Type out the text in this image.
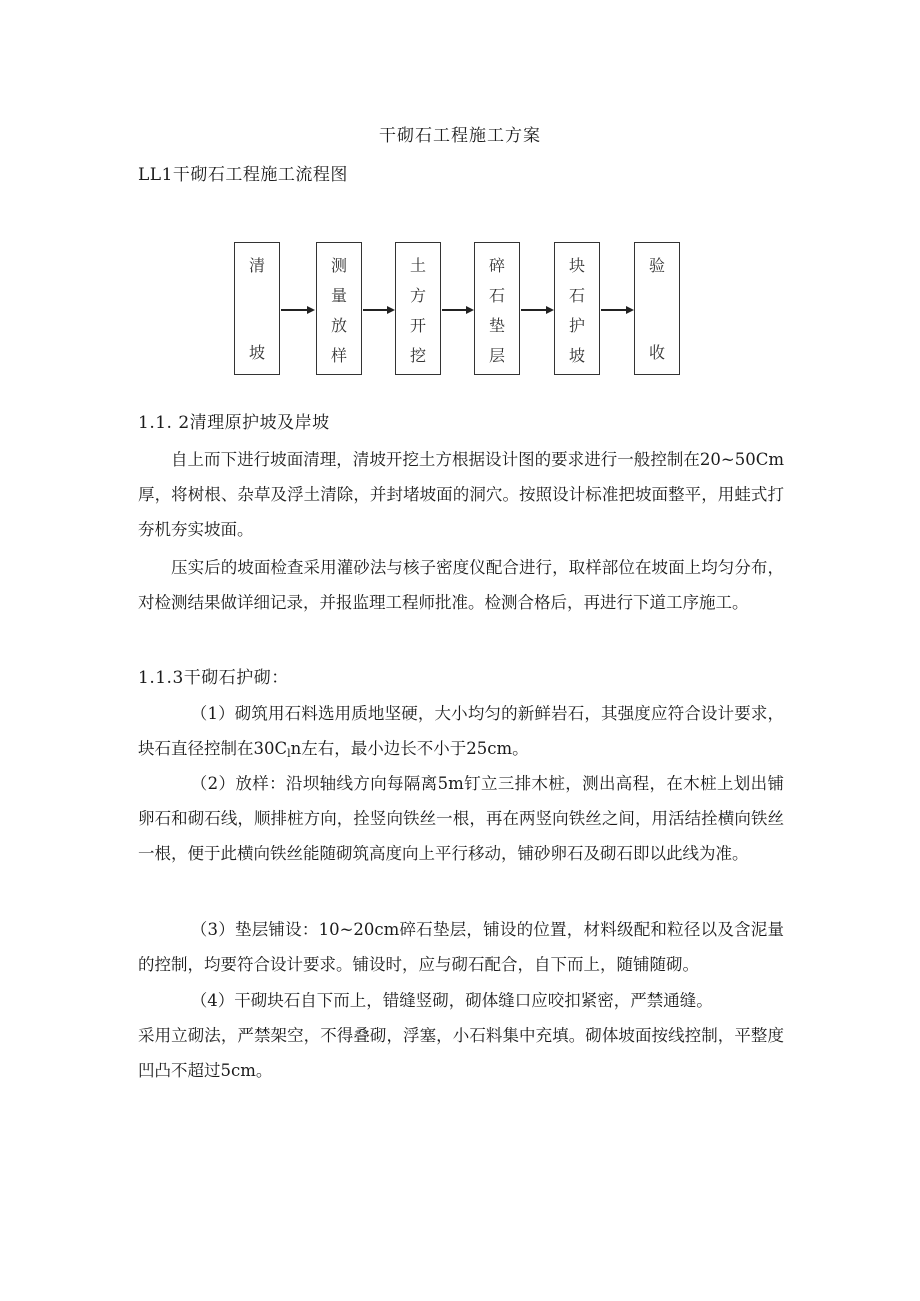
干砌石工程施工方案
LL1干砌石工程施工流程图
清
坡
测
量
放
样
土
方
开
挖
碎
石
垫
层
块
石
护
坡
验
收
1.1. 2清理原护坡及岸坡

自上而下进行坡面清理，清坡开挖土方根据设计图的要求进行一般控制在20~50Cm厚，将树根、杂草及浮土清除，并封堵坡面的洞穴。按照设计标准把坡面整平，用蛙式打夯机夯实坡面。

压实后的坡面检查采用灌砂法与核子密度仪配合进行，取样部位在坡面上均匀分布，对检测结果做详细记录，并报监理工程师批准。检测合格后，再进行下道工序施工。

1.1.3干砌石护砌：

（1）砌筑用石料选用质地坚硬，大小均匀的新鲜岩石，其强度应符合设计要求，块石直径控制在$30C_ln$左右，最小边长不小于25cm。

（2）放样：沿坝轴线方向每隔离5m钉立三排木桩，测出高程，在木桩上划出铺卵石和砌石线，顺排桩方向，拴竖向铁丝一根，再在两竖向铁丝之间，用活结拴横向铁丝一根，便于此横向铁丝能随砌筑高度向上平行移动，铺砂卵石及砌石即以此线为准。

（3）垫层铺设：10~20cm碎石垫层，铺设的位置，材料级配和粒径以及含泥量的控制，均要符合设计要求。铺设时，应与砌石配合，自下而上，随铺随砌。

（4）干砌块石自下而上，错缝竖砌，砌体缝口应咬扣紧密，严禁通缝。

采用立砌法，严禁架空，不得叠砌，浮塞，小石料集中充填。砌体坡面按线控制，平整度凹凸不超过5cm。
